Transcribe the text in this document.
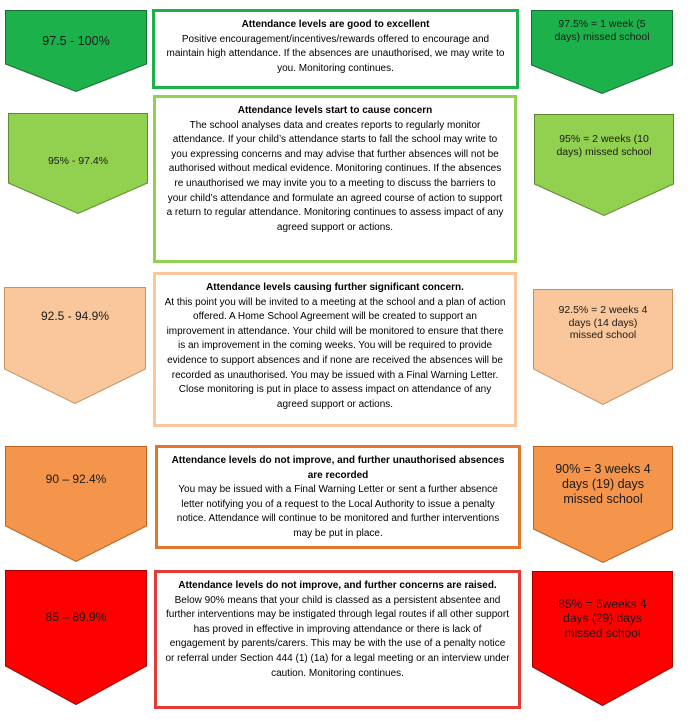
97.5 - 100%
Attendance levels are good to excellent
Positive encouragement/incentives/rewards offered to encourage and maintain high attendance. If the absences are unauthorised, we may write to you. Monitoring continues.
97.5% = 1 week (5 days) missed school
95% - 97.4%
Attendance levels start to cause concern
The school analyses data and creates reports to regularly monitor attendance. If your child’s attendance starts to fall the school may write to you expressing concerns and may advise that further absences will not be authorised without medical evidence. Monitoring continues. If the absences re unauthorised we may invite you to a meeting to discuss the barriers to your child’s attendance and formulate an agreed course of action to support a return to regular attendance. Monitoring continues to assess impact of any agreed support or actions.
95% = 2 weeks (10 days) missed school
92.5 - 94.9%
Attendance levels causing further significant concern.
At this point you will be invited to a meeting at the school and a plan of action offered. A Home School Agreement will be created to support an improvement in attendance. Your child will be monitored to ensure that there is an improvement in the coming weeks. You will be required to provide evidence to support absences and if none are received the absences will be recorded as unauthorised. You may be issued with a Final Warning Letter. Close monitoring is put in place to assess impact on attendance of any agreed support or actions.
92.5% = 2 weeks 4 days (14 days) missed school
90 – 92.4%
Attendance levels do not improve, and further unauthorised absences are recorded
You may be issued with a Final Warning Letter or sent a further absence letter notifying you of a request to the Local Authority to issue a penalty notice. Attendance will continue to be monitored and further interventions may be put in place.
90% = 3 weeks 4 days (19) days missed school
85 – 89.9%
Attendance levels do not improve, and further concerns are raised.
Below 90% means that your child is classed as a persistent absentee and further interventions may be instigated through legal routes if all other support has proved in effective in improving attendance or there is lack of engagement by parents/carers. This may be with the use of a penalty notice or referral under Section 444 (1) (1a) for a legal meeting or an interview under caution. Monitoring continues.
85% = 5weeks 4 days (29) days missed school
